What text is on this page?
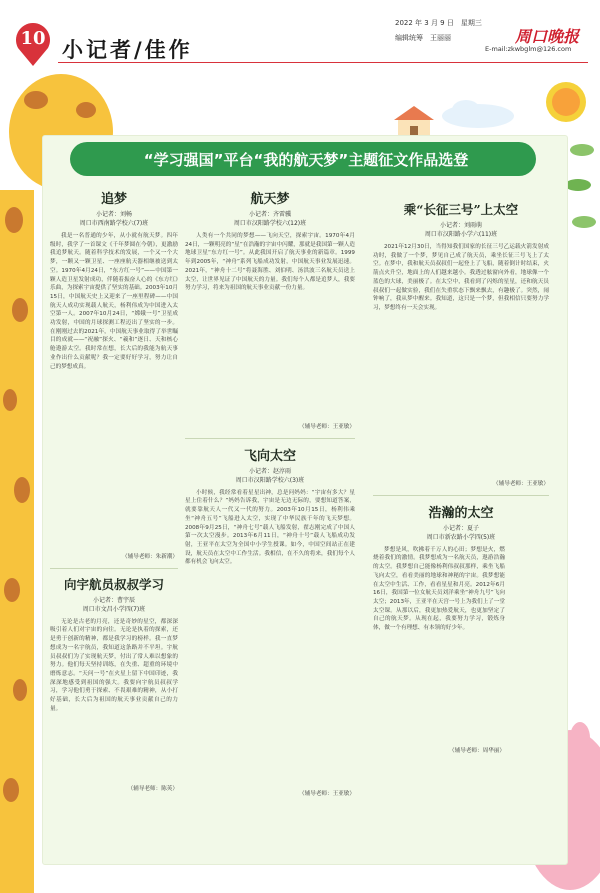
10 小记者/佳作
2022 年 3 月 9 日　星期三
编辑统筹　王丽丽	周口晚报
E-mail:zkwbglm@126.com
“学习强国”平台“我的航天梦”主题征文作品选登
追梦
小记者：刘畅
周口市西南路学校六(7)班
我是一名普通的少年，从小就有航天梦。四年级时，我学了一首课文《千年梦圆在今朝》，更激励我追梦航天。随着科学技术的发展，一个又一个大梦，一颗又一颗卫星、一座座航天器相继被送到太空。1970年4月24日，“东方红一号”——中国第一颗人造卫星发射成功，伴随着振奋人心的《东方红》乐曲，为探索宇宙提供了坚实的基础。2003年10月15日，中国航天史上又迎来了一座里程碑——中国航天人成功实现载人航天，杨利伟成为中国进入太空第一人。2007年10月24日，“嫦娥一号”卫星成功发射，中国的月球探测工程迈出了坚实的一步。在刚刚过去的2021年，中国航天事业取得了举世瞩目的成就——“祝融”探火、“羲和”逐日、天和核心舱遨游太空。我时常在想，长大后的我能为航天事业作出什么贡献呢？我一定要好好学习，努力让自己的梦想成真。
（辅导老师：朱新潮）
向宇航员叔叔学习
小记者：曹宇辰
周口市文昌小学四(7)班
无论是古老的月亮，还是奇妙的星空，都深深吸引着人们对宇宙的向往。无论是执着的探索，还是勇于创新的精神，都是我学习的榜样。我一直梦想成为一名宇航员，我知道这条路并不平坦。宇航员叔叔们为了实现航天梦，付出了常人难以想象的努力。他们每天坚持训练，在失重、超重的环境中磨炼意志。“天问一号”在火星上留下中国印迹，我深深地感受到祖国的强大。我要向宇航员叔叔学习，学习他们勇于探索、不畏艰难的精神，从小打好基础，长大后为祖国的航天事业贡献自己的力量。
（辅导老师：陈英）
航天梦
小记者：齐雷骥
周口市汉阳路学校六(12)班
人类有一个共同的梦想——飞向天空，探索宇宙。1970年4月24日，一颗明亮的“星”在浩瀚的宇宙中闪耀，那就是我国第一颗人造地球卫星“东方红一号”。从此我国开启了航天事业的新篇章。1999年到2005年，“神舟”系列飞船成功发射，中国航天事业发展迅速。2021年，“神舟十二号”将聂海胜、刘伯明、汤洪波三名航天员送上太空，让世界见证了中国航天的力量。我们每个人都是追梦人，我要努力学习，将来为祖国的航天事业贡献一份力量。
（辅导老师：王亚敏）
飞向太空
小记者：赵淳雨
周口市汉阳路学校六(3)班
小时候，我经常看着星星出神，总是问妈妈：“宇宙有多大？星星上住着什么？”妈妈告诉我，宇宙是无边无际的，要想知道答案，就要靠航天人一代又一代的努力。2003年10月15日，杨利伟乘坐“神舟五号”飞船进入太空，实现了中华民族千年的飞天梦想。2008年9月25日，“神舟七号”载人飞船发射，翟志刚完成了中国人第一次太空漫步。2013年6月11日，“神舟十号”载人飞船成功发射，王亚平在太空为全国中小学生授课。如今，中国空间站正在建设，航天员在太空中工作生活。我相信，在不久的将来，我们每个人都有机会飞向太空。
（辅导老师：王亚敏）
乘“长征三号”上太空
小记者：刘雨萌
周口市汉阳路小学六(11)班
2021年12月30日，当得知我们国家的长征三号乙运载火箭发射成功时，我做了一个梦，梦见自己成了航天员，乘坐长征三号飞上了太空。在梦中，我和航天员叔叔们一起登上了飞船，随着倒计时结束，火箭点火升空，地面上的人们越来越小。我透过舷窗向外看，地球像一个蓝色的大球，美丽极了。在太空中，我看到了闪烁的星星，还和航天员叔叔们一起做实验，我们在失重状态下飘来飘去，有趣极了。突然，闹钟响了，我从梦中醒来。我知道，这只是一个梦，但我相信只要努力学习，梦想终有一天会实现。
（辅导老师：王亚敏）
浩瀚的太空
小记者：夏子
周口市新农路小学四(5)班
梦想是风，吹拂着千万人的心田；梦想是火，燃烧着我们的激情。我梦想成为一名航天员，遨游浩瀚的太空。我梦想自己能像杨利伟叔叔那样，乘坐飞船飞向太空，看看美丽的地球和神秘的宇宙。我梦想能在太空中生活、工作，看看星星和月亮。2012年6月16日，我国第一位女航天员刘洋乘坐“神舟九号”飞向太空；2013年，王亚平在天宫一号上为我们上了一堂太空课。从那以后，我更加热爱航天，也更加坚定了自己的航天梦。从现在起，我要努力学习，锻炼身体，做一个有理想、有本领的好少年。
（辅导老师：周华丽）
